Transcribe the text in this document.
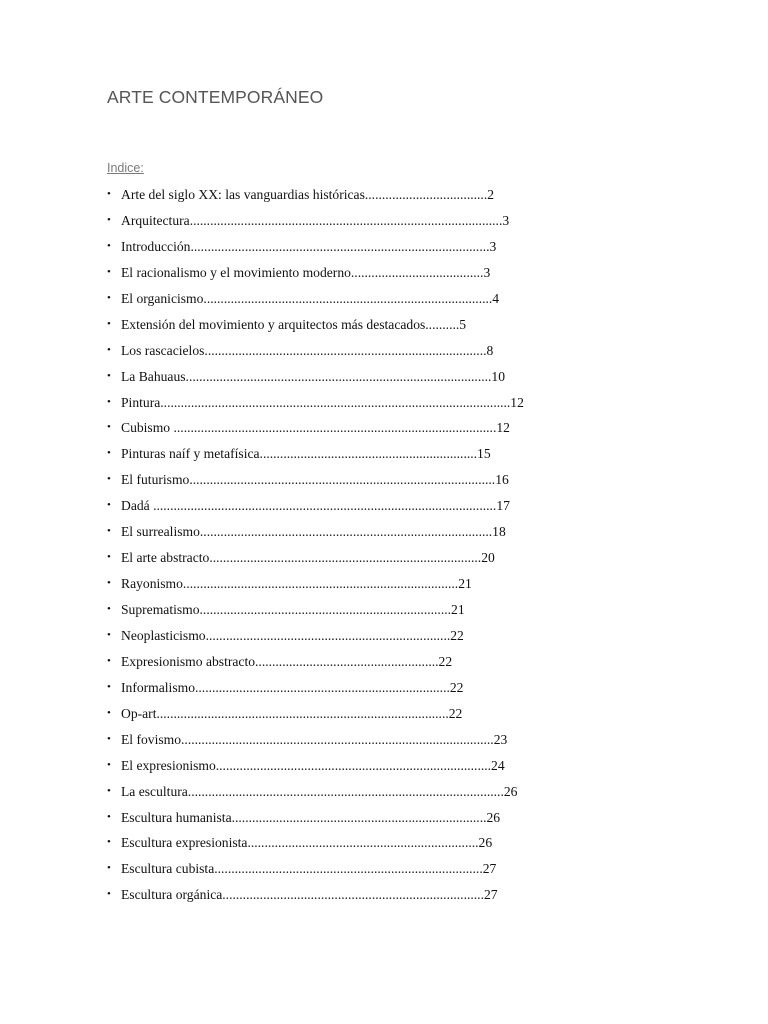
ARTE CONTEMPORÁNEO
Indice:
• Arte del siglo XX: las vanguardias históricas....................................2
• Arquitectura............................................................................................3
• Introducción........................................................................................3
• El racionalismo y el movimiento moderno.......................................3
• El organicismo.....................................................................................4
• Extensión del movimiento y arquitectos más destacados..........5
• Los rascacielos...................................................................................8
• La Bahuaus..........................................................................................10
• Pintura.......................................................................................................12
• Cubismo ...............................................................................................12
• Pinturas naíf y metafísica................................................................15
• El futurismo..........................................................................................16
• Dadá .....................................................................................................17
• El surrealismo......................................................................................18
• El arte abstracto................................................................................20
• Rayonismo.................................................................................21
• Suprematismo..........................................................................21
• Neoplasticismo........................................................................22
• Expresionismo abstracto......................................................22
• Informalismo...........................................................................22
• Op-art......................................................................................22
• El fovismo............................................................................................23
• El expresionismo.................................................................................24
• La escultura.............................................................................................26
• Escultura humanista...........................................................................26
• Escultura expresionista....................................................................26
• Escultura cubista...............................................................................27
• Escultura orgánica.............................................................................27
